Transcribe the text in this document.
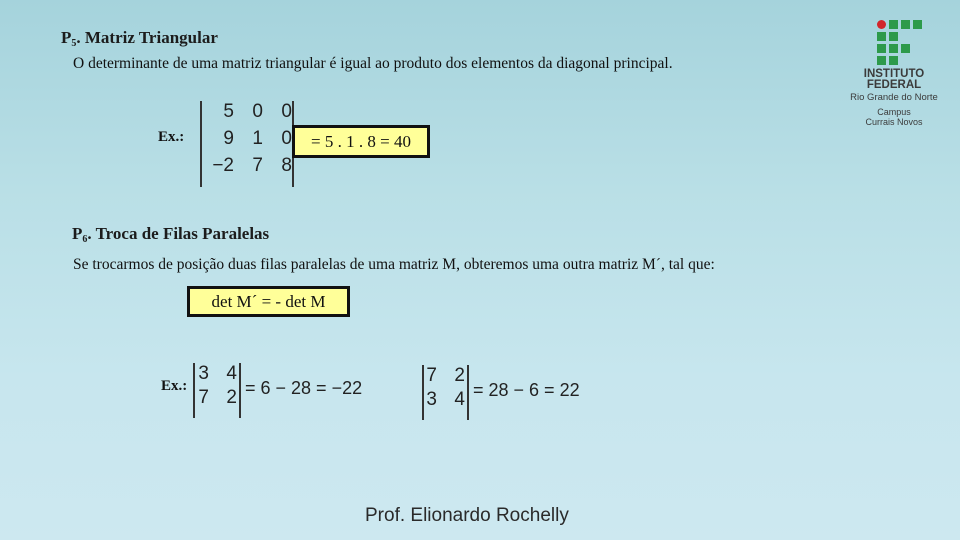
$P_5$. Matriz Triangular
O determinante de uma matriz triangular é igual ao produto dos elementos da diagonal principal.
Ex.:
5 0 0
9 1 0
−2 7 8
= 5 . 1 . 8 = 40
$P_6$. Troca de Filas Paralelas
Se trocarmos de posição duas filas paralelas de uma matriz M, obteremos uma outra matriz M´, tal que:
det M´ = - det M
Ex.:
3 4
7 2 = 6 − 28 = −22
7 2
3 4 = 28 − 6 = 22
INSTITUTO
FEDERAL
Rio Grande do Norte
Campus
Currais Novos
Prof. Elionardo Rochelly
